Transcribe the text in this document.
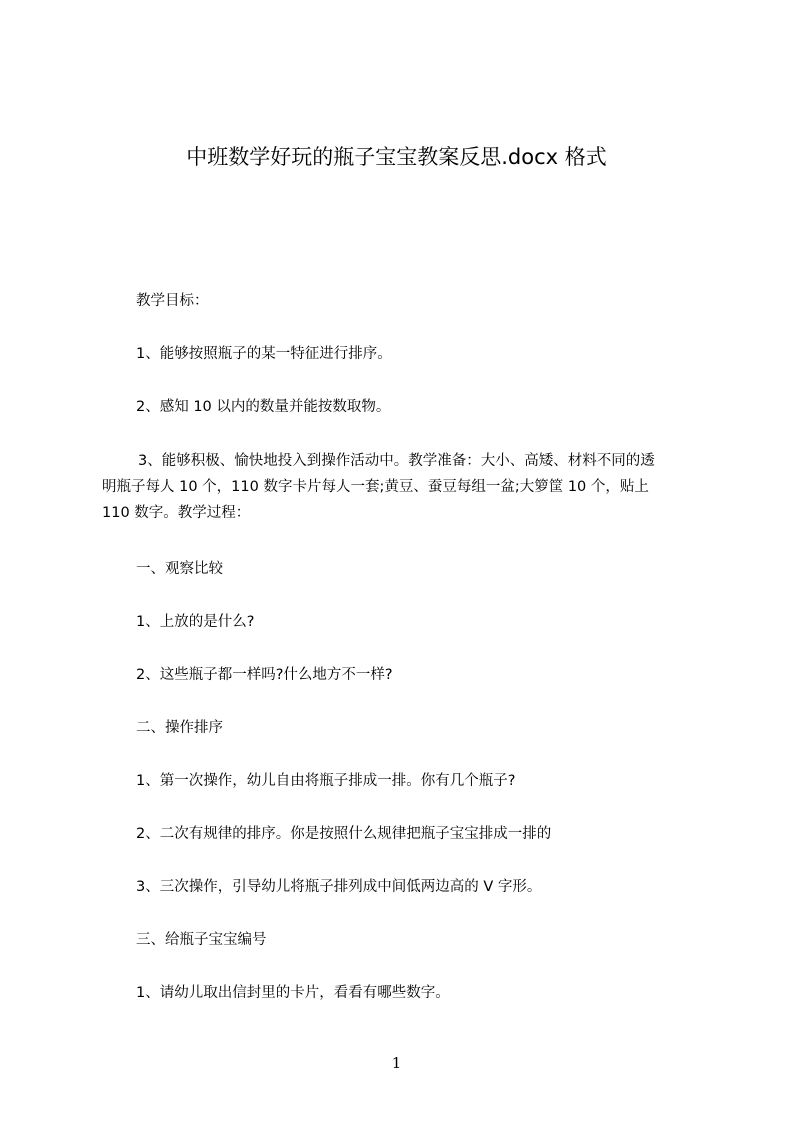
中班数学好玩的瓶子宝宝教案反思.docx 格式
教学目标：
1、能够按照瓶子的某一特征进行排序。
2、感知 10 以内的数量并能按数取物。
3、能够积极、愉快地投入到操作活动中。教学准备：大小、高矮、材料不同的透
明瓶子每人 10 个，110 数字卡片每人一套;黄豆、蚕豆每组一盆;大箩筐 10 个，贴上
110 数字。教学过程：
一、观察比较
1、上放的是什么?
2、这些瓶子都一样吗?什么地方不一样?
二、操作排序
1、第一次操作，幼儿自由将瓶子排成一排。你有几个瓶子?
2、二次有规律的排序。你是按照什么规律把瓶子宝宝排成一排的
3、三次操作，引导幼儿将瓶子排列成中间低两边高的 V 字形。
三、给瓶子宝宝编号
1、请幼儿取出信封里的卡片，看看有哪些数字。
1
